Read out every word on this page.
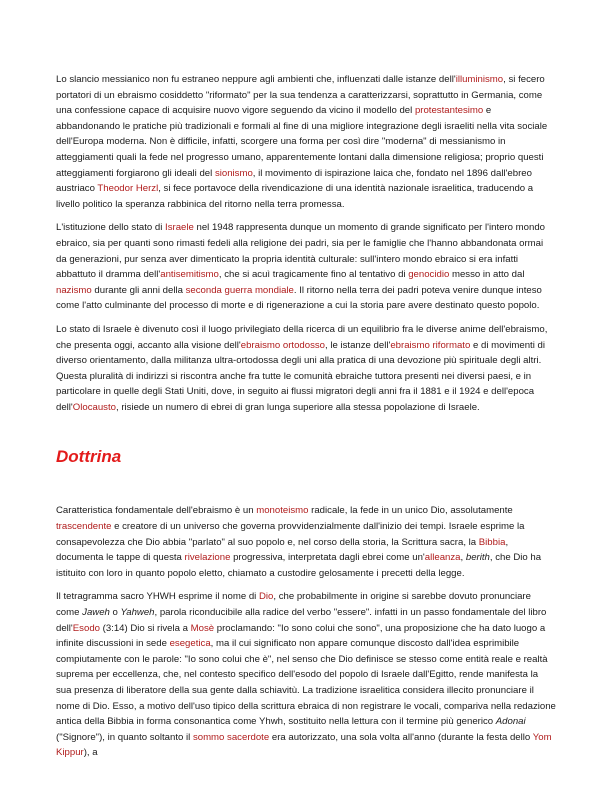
Lo slancio messianico non fu estraneo neppure agli ambienti che, influenzati dalle istanze dell'illuminismo, si fecero portatori di un ebraismo cosiddetto "riformato" per la sua tendenza a caratterizzarsi, soprattutto in Germania, come una confessione capace di acquisire nuovo vigore seguendo da vicino il modello del protestantesimo e abbandonando le pratiche più tradizionali e formali al fine di una migliore integrazione degli israeliti nella vita sociale dell'Europa moderna. Non è difficile, infatti, scorgere una forma per così dire "moderna" di messianismo in atteggiamenti quali la fede nel progresso umano, apparentemente lontani dalla dimensione religiosa; proprio questi atteggiamenti forgiarono gli ideali del sionismo, il movimento di ispirazione laica che, fondato nel 1896 dall'ebreo austriaco Theodor Herzl, si fece portavoce della rivendicazione di una identità nazionale israelitica, traducendo a livello politico la speranza rabbinica del ritorno nella terra promessa.

L'istituzione dello stato di Israele nel 1948 rappresenta dunque un momento di grande significato per l'intero mondo ebraico, sia per quanti sono rimasti fedeli alla religione dei padri, sia per le famiglie che l'hanno abbandonata ormai da generazioni, pur senza aver dimenticato la propria identità culturale: sull'intero mondo ebraico si era infatti abbattuto il dramma dell'antisemitismo, che si acuì tragicamente fino al tentativo di genocidio messo in atto dal nazismo durante gli anni della seconda guerra mondiale. Il ritorno nella terra dei padri poteva venire dunque inteso come l'atto culminante del processo di morte e di rigenerazione a cui la storia pare avere destinato questo popolo.

Lo stato di Israele è divenuto così il luogo privilegiato della ricerca di un equilibrio fra le diverse anime dell'ebraismo, che presenta oggi, accanto alla visione dell'ebraismo ortodosso, le istanze dell'ebraismo riformato e di movimenti di diverso orientamento, dalla militanza ultra-ortodossa degli uni alla pratica di una devozione più spirituale degli altri. Questa pluralità di indirizzi si riscontra anche fra tutte le comunità ebraiche tuttora presenti nei diversi paesi, e in particolare in quelle degli Stati Uniti, dove, in seguito ai flussi migratori degli anni fra il 1881 e il 1924 e dell'epoca dell'Olocausto, risiede un numero di ebrei di gran lunga superiore alla stessa popolazione di Israele.

Dottrina

Caratteristica fondamentale dell'ebraismo è un monoteismo radicale, la fede in un unico Dio, assolutamente trascendente e creatore di un universo che governa provvidenzialmente dall'inizio dei tempi. Israele esprime la consapevolezza che Dio abbia "parlato" al suo popolo e, nel corso della storia, la Scrittura sacra, la Bibbia, documenta le tappe di questa rivelazione progressiva, interpretata dagli ebrei come un'alleanza, berith, che Dio ha istituito con loro in quanto popolo eletto, chiamato a custodire gelosamente i precetti della legge.

Il tetragramma sacro YHWH esprime il nome di Dio, che probabilmente in origine si sarebbe dovuto pronunciare come Jaweh o Yahweh, parola riconducibile alla radice del verbo "essere". infatti in un passo fondamentale del libro dell'Esodo (3:14) Dio si rivela a Mosè proclamando: "Io sono colui che sono", una proposizione che ha dato luogo a infinite discussioni in sede esegetica, ma il cui significato non appare comunque discosto dall'idea esprimibile compiutamente con le parole: "Io sono colui che è", nel senso che Dio definisce se stesso come entità reale e realtà suprema per eccellenza, che, nel contesto specifico dell'esodo del popolo di Israele dall'Egitto, rende manifesta la sua presenza di liberatore della sua gente dalla schiavitù. La tradizione israelitica considera illecito pronunciare il nome di Dio. Esso, a motivo dell'uso tipico della scrittura ebraica di non registrare le vocali, compariva nella redazione antica della Bibbia in forma consonantica come Yhwh, sostituito nella lettura con il termine più generico Adonai ("Signore"), in quanto soltanto il sommo sacerdote era autorizzato, una sola volta all'anno (durante la festa dello Yom Kippur), a
